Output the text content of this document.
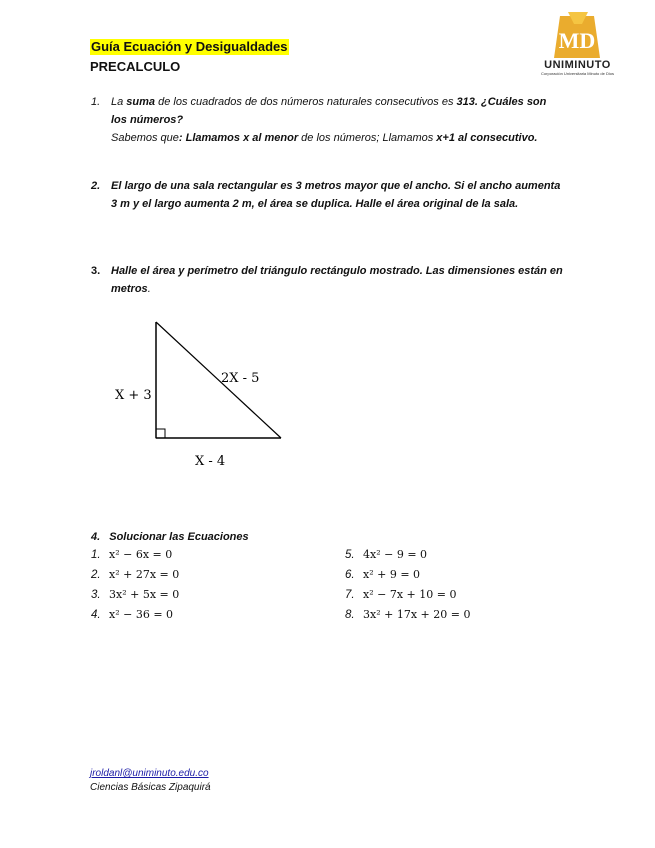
Guía Ecuación y Desigualdades
PRECALCULO
MD
UNIMINUTO
Corporación Universitaria Minuto de Dios
1. La suma de los cuadrados de dos números naturales consecutivos es 313. ¿Cuáles son
los números?
Sabemos que: Llamamos x al menor de los números; Llamamos x+1 al consecutivo.
2. El largo de una sala rectangular es 3 metros mayor que el ancho. Si el ancho aumenta 3 m y el largo aumenta 2 m, el área se duplica. Halle el área original de la sala.
3. Halle el área y perímetro del triángulo rectángulo mostrado. Las dimensiones están en metros.
X + 3
2X - 5
X - 4
4. Solucionar las Ecuaciones
1. x² − 6x = 0
2. x² + 27x = 0
3. 3x² + 5x = 0
4. x² − 36 = 0
5. 4x² − 9 = 0
6. x² + 9 = 0
7. x² − 7x + 10 = 0
8. 3x² + 17x + 20 = 0
jroldanl@uniminuto.edu.co
Ciencias Básicas Zipaquirá
